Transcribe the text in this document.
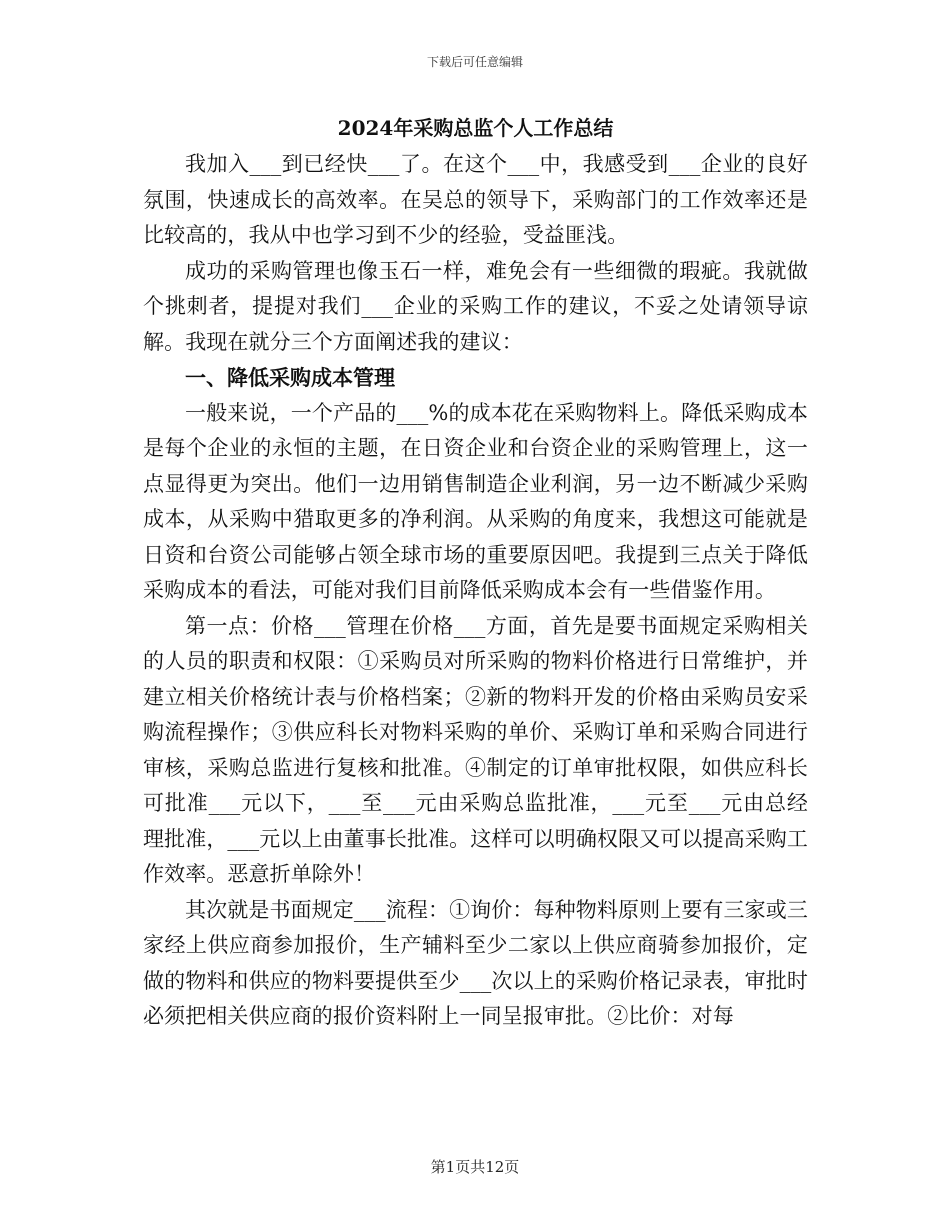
下载后可任意编辑
2024年采购总监个人工作总结

我加入___到已经快___了。在这个___中，我感受到___企业的良好氛围，快速成长的高效率。在吴总的领导下，采购部门的工作效率还是比较高的，我从中也学习到不少的经验，受益匪浅。

成功的采购管理也像玉石一样，难免会有一些细微的瑕疵。我就做个挑刺者，提提对我们___企业的采购工作的建议，不妥之处请领导谅解。我现在就分三个方面阐述我的建议：

一、降低采购成本管理

一般来说，一个产品的___%的成本花在采购物料上。降低采购成本是每个企业的永恒的主题，在日资企业和台资企业的采购管理上，这一点显得更为突出。他们一边用销售制造企业利润，另一边不断减少采购成本，从采购中猎取更多的净利润。从采购的角度来，我想这可能就是日资和台资公司能够占领全球市场的重要原因吧。我提到三点关于降低采购成本的看法，可能对我们目前降低采购成本会有一些借鉴作用。

第一点：价格___管理在价格___方面，首先是要书面规定采购相关的人员的职责和权限：①采购员对所采购的物料价格进行日常维护，并建立相关价格统计表与价格档案；②新的物料开发的价格由采购员安采购流程操作；③供应科长对物料采购的单价、采购订单和采购合同进行审核，采购总监进行复核和批准。④制定的订单审批权限，如供应科长可批准___元以下，___至___元由采购总监批准，___元至___元由总经理批准，___元以上由董事长批准。这样可以明确权限又可以提高采购工作效率。恶意折单除外！

其次就是书面规定___流程：①询价：每种物料原则上要有三家或三家经上供应商参加报价，生产辅料至少二家以上供应商骑参加报价，定做的物料和供应的物料要提供至少___次以上的采购价格记录表，审批时必须把相关供应商的报价资料附上一同呈报审批。②比价：对每

第1页共12页
